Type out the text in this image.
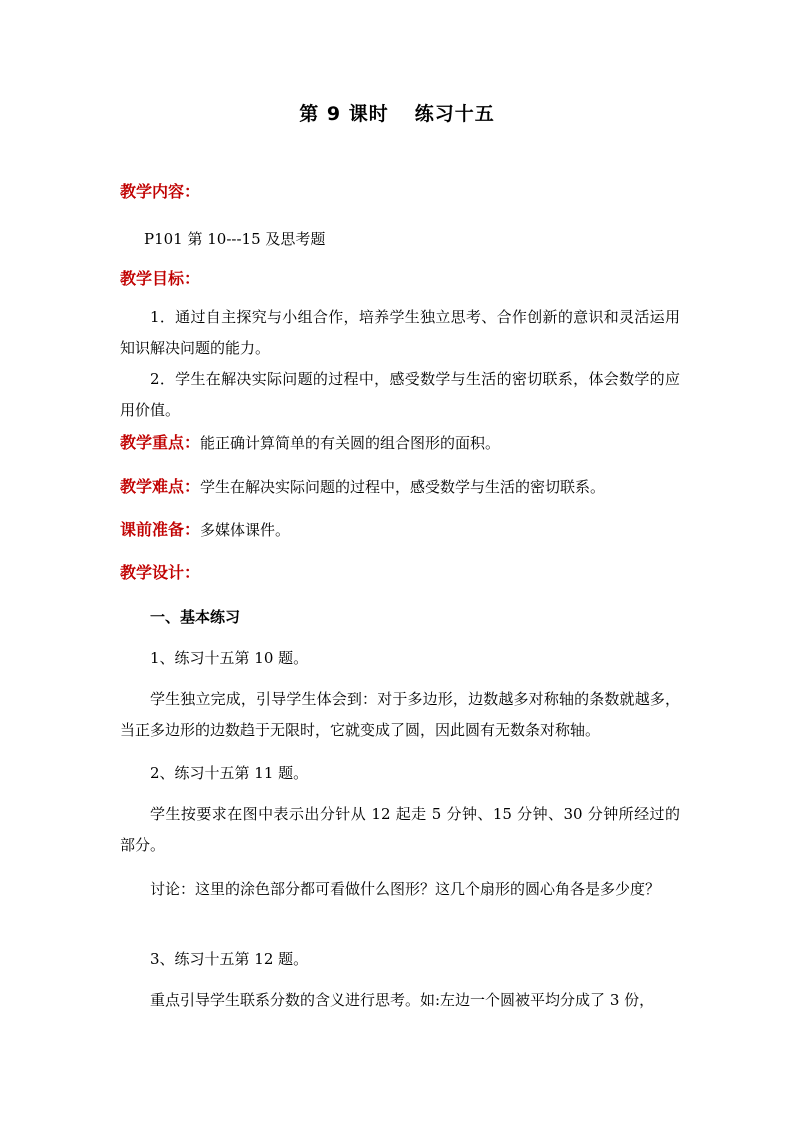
第 9 课时 练习十五
教学内容：
P101 第 10---15 及思考题
教学目标：
1．通过自主探究与小组合作，培养学生独立思考、合作创新的意识和灵活运用知识解决问题的能力。
2．学生在解决实际问题的过程中，感受数学与生活的密切联系，体会数学的应用价值。
教学重点：能正确计算简单的有关圆的组合图形的面积。
教学难点：学生在解决实际问题的过程中，感受数学与生活的密切联系。
课前准备：多媒体课件。
教学设计：
一、基本练习
1、练习十五第 10 题。
学生独立完成，引导学生体会到：对于多边形，边数越多对称轴的条数就越多，当正多边形的边数趋于无限时，它就变成了圆，因此圆有无数条对称轴。
2、练习十五第 11 题。
学生按要求在图中表示出分针从 12 起走 5 分钟、15 分钟、30 分钟所经过的部分。
讨论：这里的涂色部分都可看做什么图形？这几个扇形的圆心角各是多少度？
3、练习十五第 12 题。
重点引导学生联系分数的含义进行思考。如:左边一个圆被平均分成了 3 份，
